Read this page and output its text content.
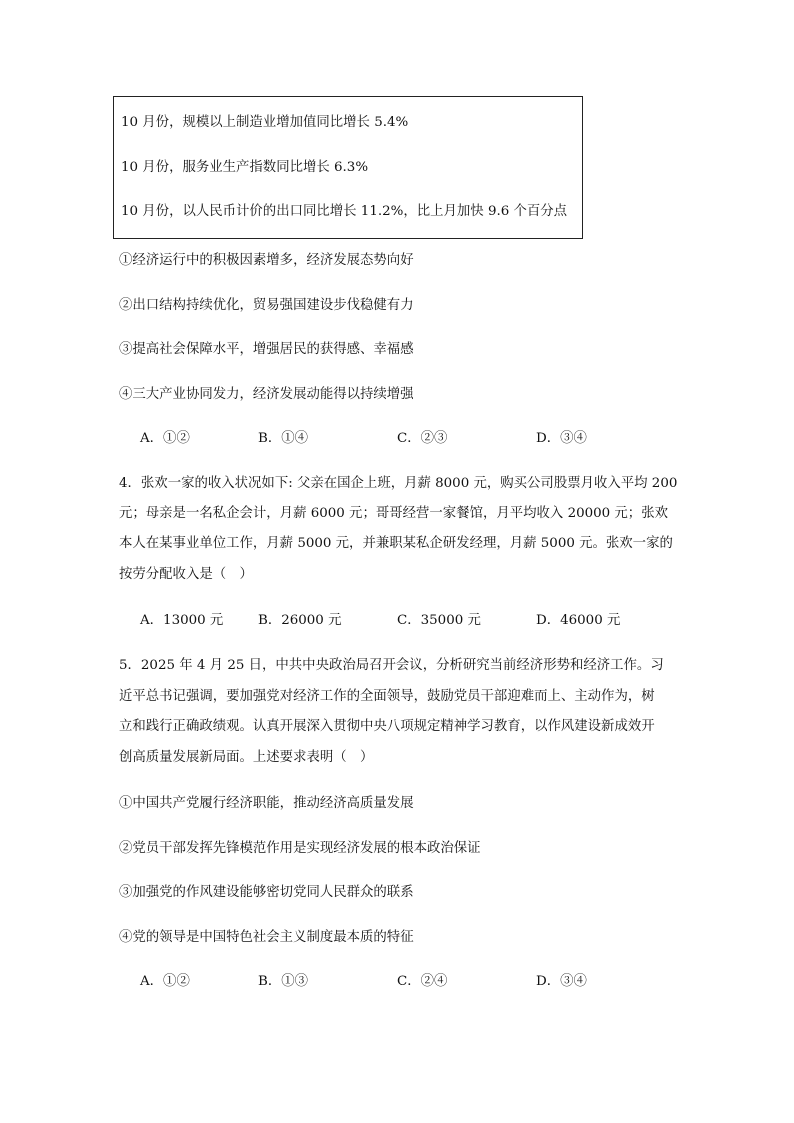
10 月份，规模以上制造业增加值同比增长 5.4%
10 月份，服务业生产指数同比增长 6.3%
10 月份，以人民币计价的出口同比增长 11.2%，比上月加快 9.6 个百分点
①经济运行中的积极因素增多，经济发展态势向好
②出口结构持续优化，贸易强国建设步伐稳健有力
③提高社会保障水平，增强居民的获得感、幸福感
④三大产业协同发力，经济发展动能得以持续增强
A．①②	B．①④	C．②③	D．③④
4．张欢一家的收入状况如下: 父亲在国企上班，月薪 8000 元，购买公司股票月收入平均 200
元；母亲是一名私企会计，月薪 6000 元；哥哥经营一家餐馆，月平均收入 20000 元；张欢
本人在某事业单位工作，月薪 5000 元，并兼职某私企研发经理，月薪 5000 元。张欢一家的
按劳分配收入是（　）
A．13000 元	B．26000 元	C．35000 元	D．46000 元
5．2025 年 4 月 25 日，中共中央政治局召开会议，分析研究当前经济形势和经济工作。习
近平总书记强调，要加强党对经济工作的全面领导，鼓励党员干部迎难而上、主动作为，树
立和践行正确政绩观。认真开展深入贯彻中央八项规定精神学习教育，以作风建设新成效开
创高质量发展新局面。上述要求表明（　）
①中国共产党履行经济职能，推动经济高质量发展
②党员干部发挥先锋模范作用是实现经济发展的根本政治保证
③加强党的作风建设能够密切党同人民群众的联系
④党的领导是中国特色社会主义制度最本质的特征
A．①②	B．①③	C．②④	D．③④
